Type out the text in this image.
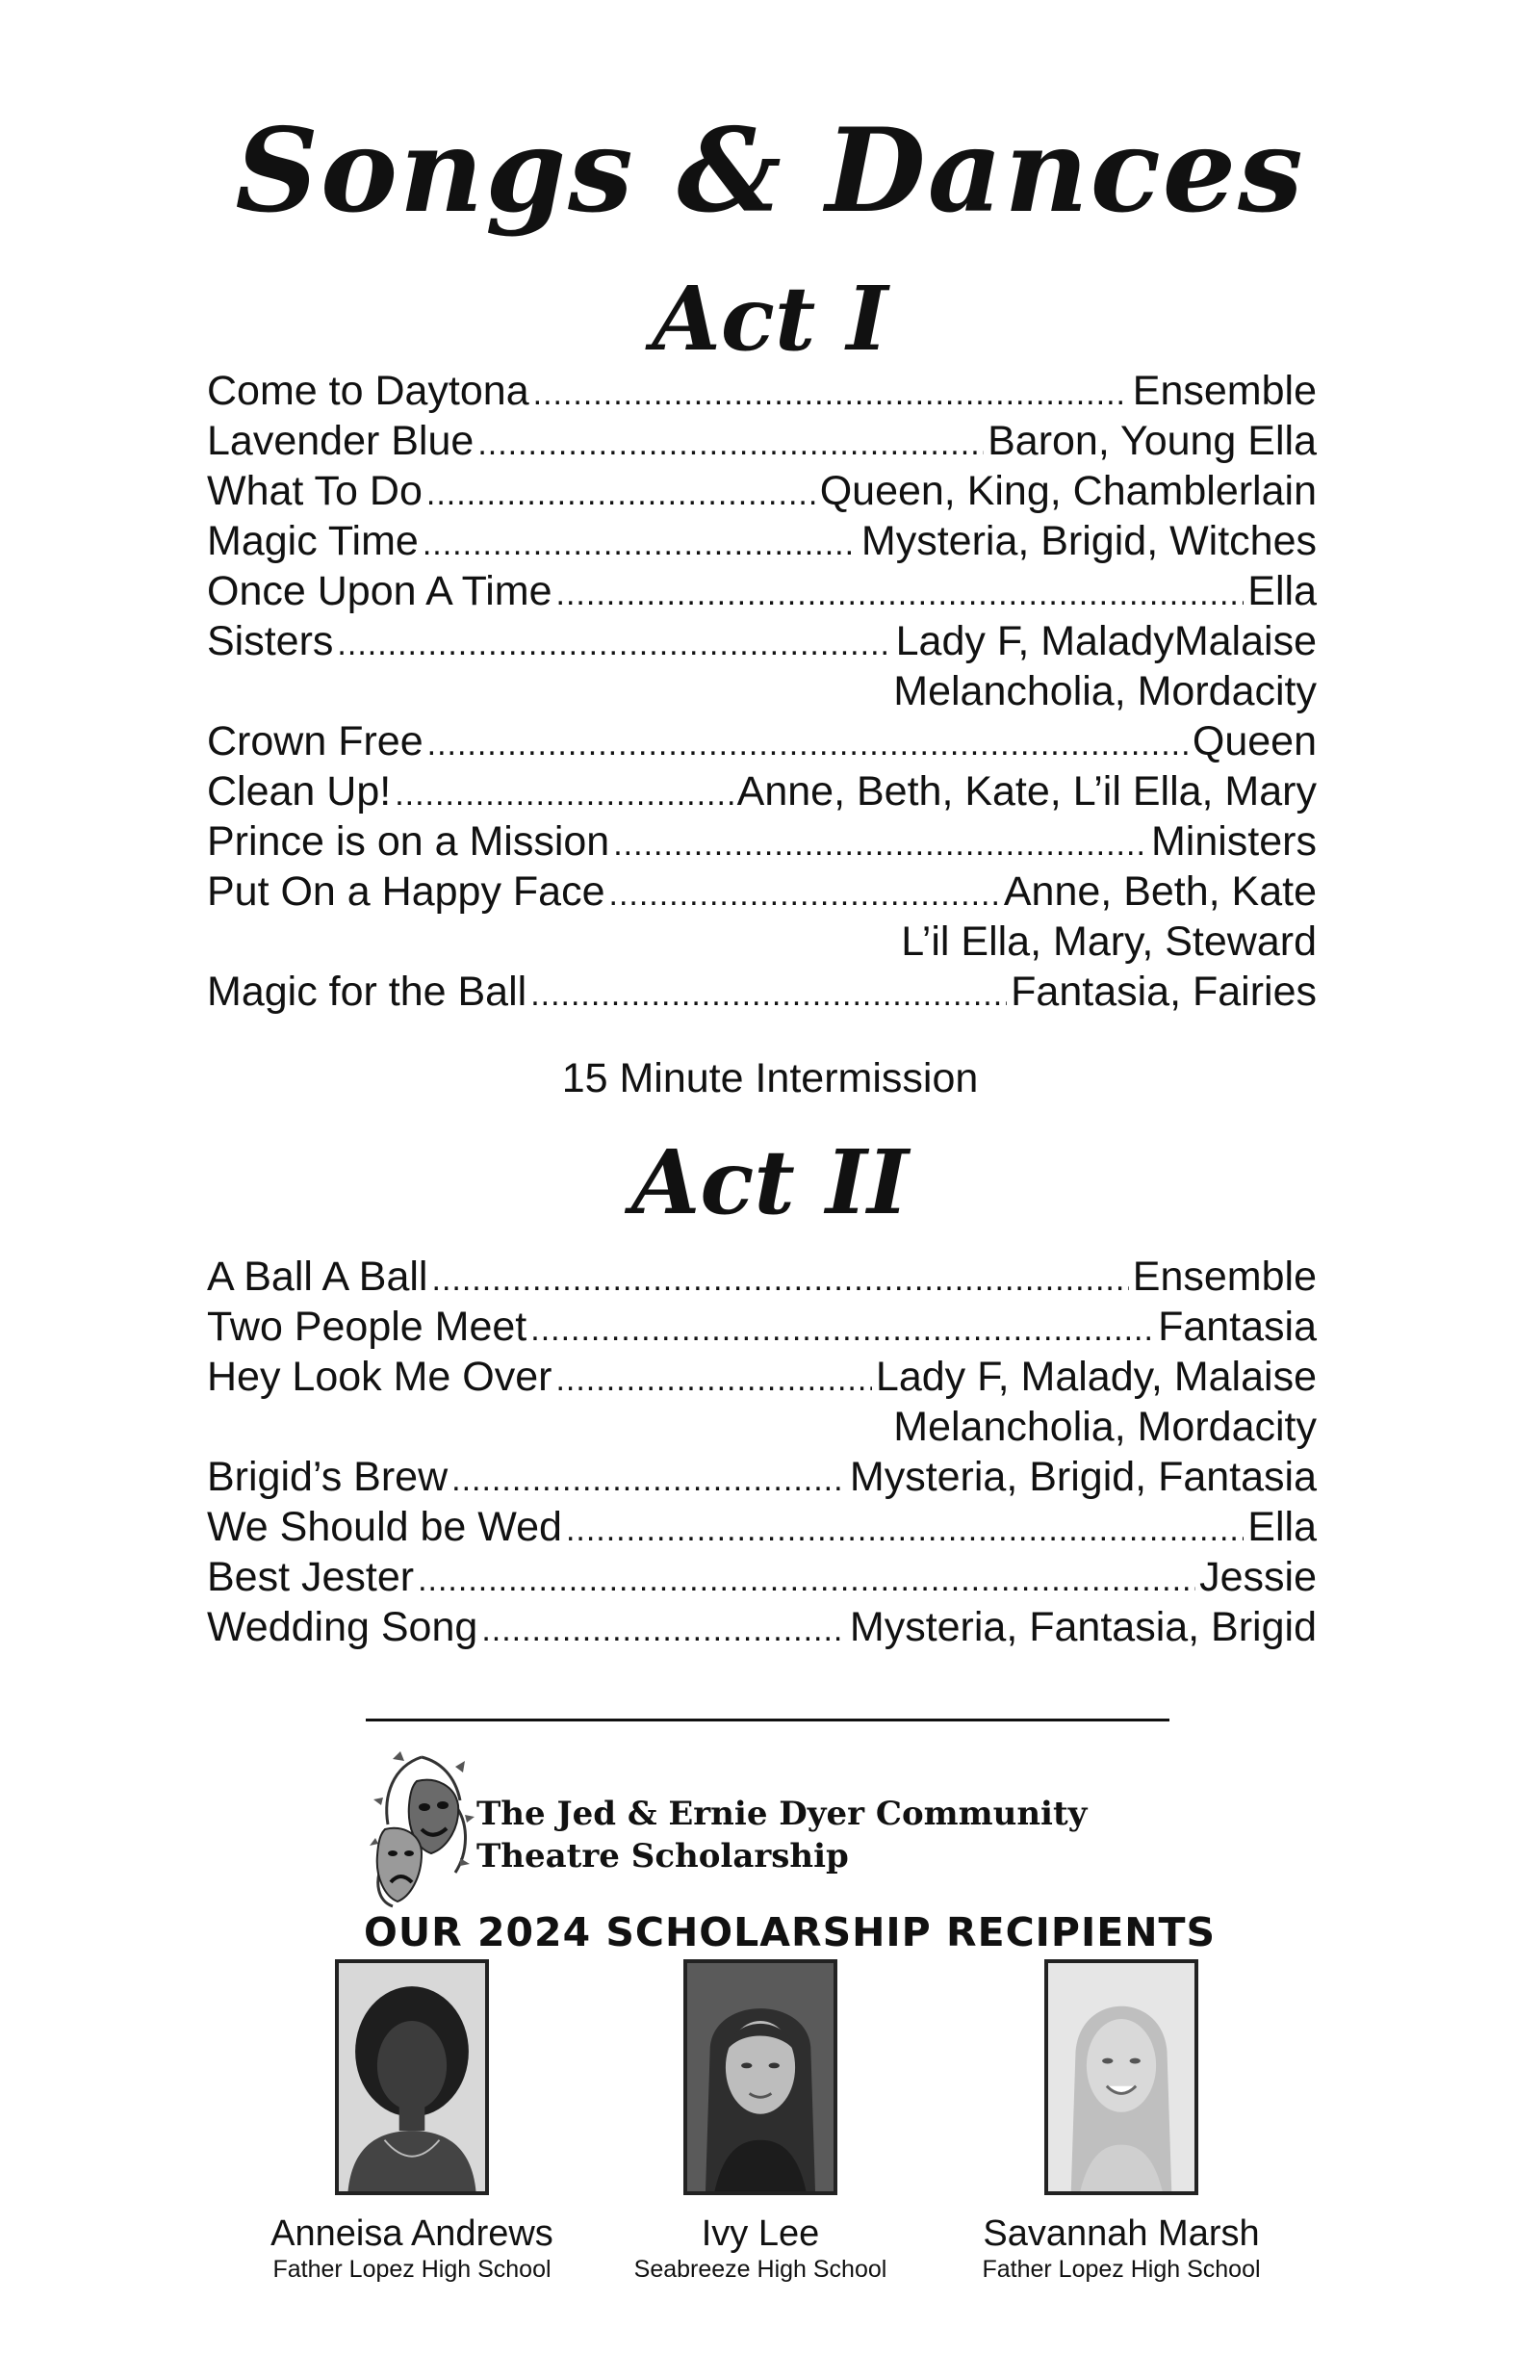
Songs & Dances
Act I
Come to Daytona .....	Ensemble
Lavender Blue .....	Baron, Young Ella
What To Do .....	Queen, King, Chamblerlain
Magic Time .....	Mysteria, Brigid, Witches
Once Upon A Time .....	Ella
Sisters .....	Lady F, MaladyMalaise
Melancholia, Mordacity
Crown Free .....	Queen
Clean Up! .....	Anne, Beth, Kate, L’il Ella, Mary
Prince is on a Mission .....	Ministers
Put On a Happy Face .....	Anne, Beth, Kate
L’il Ella, Mary, Steward
Magic for the Ball .....	Fantasia, Fairies
15 Minute Intermission
Act II
A Ball A Ball .....	Ensemble
Two People Meet .....	Fantasia
Hey Look Me Over .....	Lady F, Malady, Malaise
Melancholia, Mordacity
Brigid’s Brew .....	Mysteria, Brigid, Fantasia
We Should be Wed .....	Ella
Best Jester .....	Jessie
Wedding Song .....	Mysteria, Fantasia, Brigid
The Jed & Ernie Dyer Community
Theatre Scholarship
OUR 2024 SCHOLARSHIP RECIPIENTS
Anneisa Andrews
Father Lopez High School
Ivy Lee
Seabreeze High School
Savannah Marsh
Father Lopez High School
